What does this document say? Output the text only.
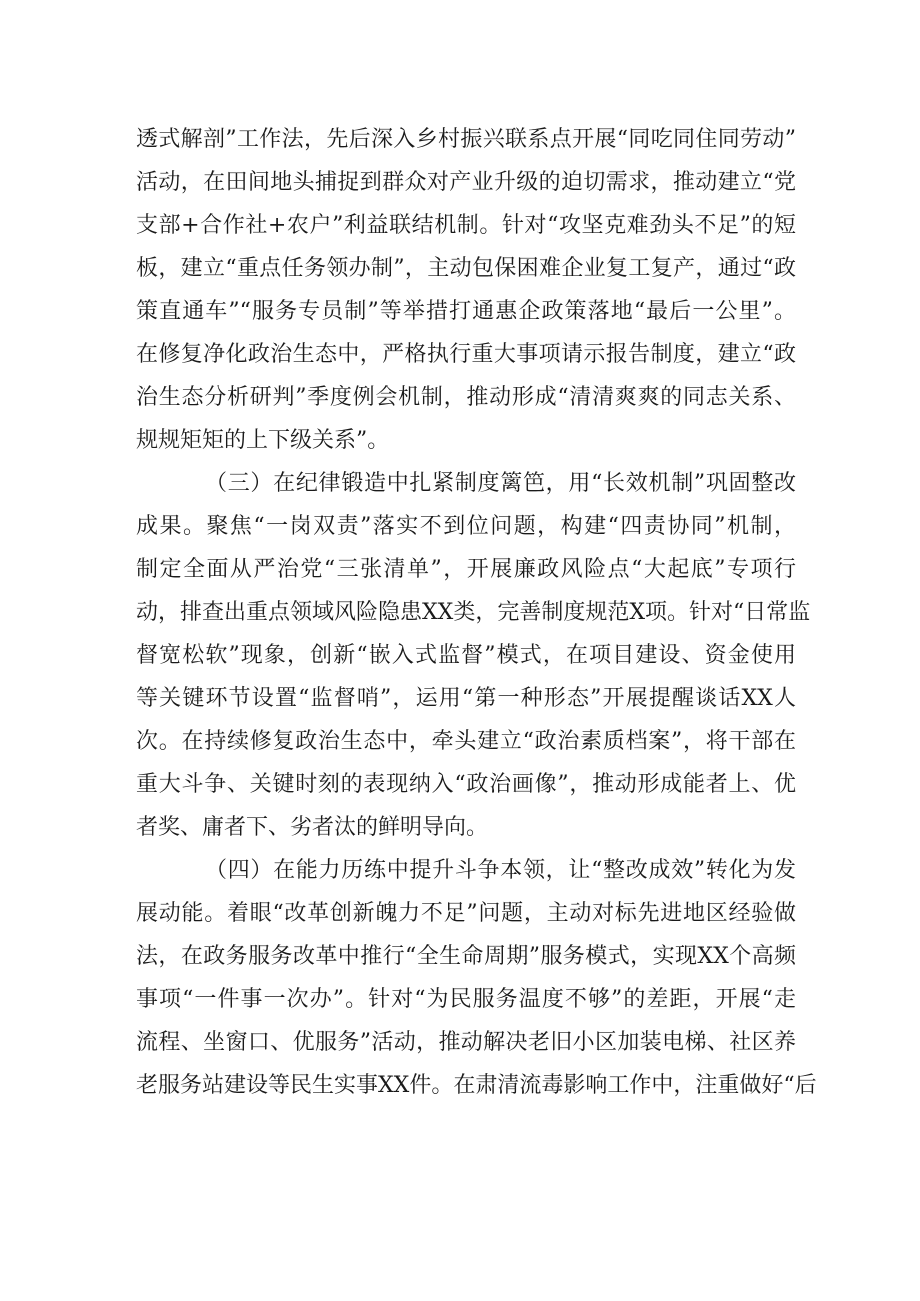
透式解剖”工作法，先后深入乡村振兴联系点开展“同吃同住同劳动”
活动，在田间地头捕捉到群众对产业升级的迫切需求，推动建立“党
支部+合作社+农户”利益联结机制。针对“攻坚克难劲头不足”的短
板，建立“重点任务领办制”，主动包保困难企业复工复产，通过“政
策直通车”“服务专员制”等举措打通惠企政策落地“最后一公里”。
在修复净化政治生态中，严格执行重大事项请示报告制度，建立“政
治生态分析研判”季度例会机制，推动形成“清清爽爽的同志关系、
规规矩矩的上下级关系”。
（三）在纪律锻造中扎紧制度篱笆，用“长效机制”巩固整改
成果。聚焦“一岗双责”落实不到位问题，构建“四责协同”机制，
制定全面从严治党“三张清单”，开展廉政风险点“大起底”专项行
动，排查出重点领域风险隐患XX类，完善制度规范X项。针对“日常监
督宽松软”现象，创新“嵌入式监督”模式，在项目建设、资金使用
等关键环节设置“监督哨”，运用“第一种形态”开展提醒谈话XX人
次。在持续修复政治生态中，牵头建立“政治素质档案”，将干部在
重大斗争、关键时刻的表现纳入“政治画像”，推动形成能者上、优
者奖、庸者下、劣者汰的鲜明导向。
（四）在能力历练中提升斗争本领，让“整改成效”转化为发
展动能。着眼“改革创新魄力不足”问题，主动对标先进地区经验做
法，在政务服务改革中推行“全生命周期”服务模式，实现XX个高频
事项“一件事一次办”。针对“为民服务温度不够”的差距，开展“走
流程、坐窗口、优服务”活动，推动解决老旧小区加装电梯、社区养
老服务站建设等民生实事XX件。在肃清流毒影响工作中，注重做好“后
